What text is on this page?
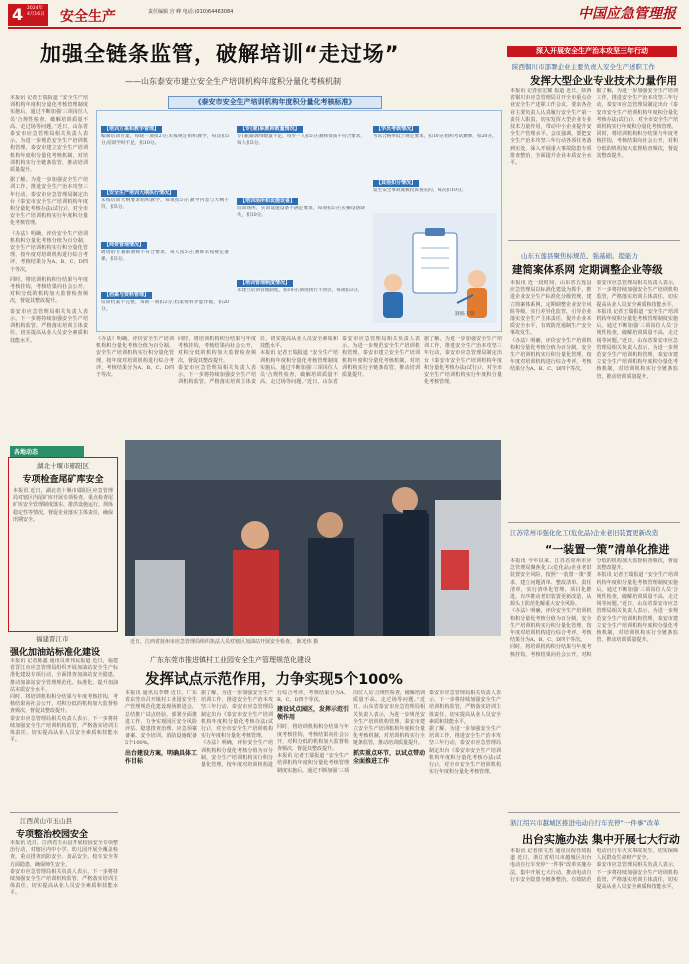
4	安全生产	责任编辑 宫 峰 电话:(010)64463084	中国应急管理报
2024年
4月16日
加强全链条监管，破解培训“走过场”
——山东泰安市建立安全生产培训机构年度积分量化考核机制

本报讯 记者王瑞报道 “安全生产培训机构年度积分量化考核管理制度实施后，通过不断加强‘三项岗位人员’合规性检查，破解培训质量不高、走过场等问题。”近日，山东省泰安市应急管理局相关负责人表示，为进一步规范安全生产培训机构管理，泰安市建立安全生产培训机构年度积分量化考核机制，对培训机构实行全链条监管，推动培训质量提升。

据了解，为进一步加强安全生产培训工作，推进安全生产治本攻坚三年行动，泰安市应急管理局制定出台《泰安市安全生产培训机构年度积分量化考核办法(试行)》，对全市安全生产培训机构实行年度积分量化考核管理。

《办法》明确，评价安全生产培训机构积分量化考核分值为百分制，安全生产培训机构实行积分量化管理，按年度对培训机构进行综合考评，考核结果分为A、B、C、D四个等次。

同时，将培训机构积分结果与年度考核挂钩，考核结果向社会公开，对积分低的机构加大监督检查频次，督促其整改提升。

泰安市应急管理局相关负责人表示，下一步将持续加强安全生产培训机构监管，严格落实培训主体责任，切实提高从业人员安全素质和技能水平。

《泰安市安全生产培训机构年度积分量化考核标准》
【培训方案和教学管理】
编制培训方案，每缺一项扣2分;未按规定组织教学，每次扣5分;培训学时不足，扣10分。
【安全生产培训大纲执行情况】
未按培训大纲要求组织教学，每项扣5分;教学内容与大纲不符，扣5分。
【师资管理情况】
聘请的专兼职教师不符合要求，每人扣5分;教师未按规定备课，扣3分。
【档案与资料管理】
培训档案不完整，每缺一项扣2分;档案资料弄虚作假，扣20分。
【专(兼)职教师数量情况】
专(兼)职教师数量不足，每少一人扣5分;教师资质不符合要求，每人扣3分。
【培训场所和设施设备】
培训场所、实训设施设备不满足要求，每项扣5分;实操设备缺失，扣10分。
【培训管理制度情况】
未建立培训管理制度，扣10分;制度执行不到位，每项扣3分。
【学员考核情况】
考试合格率低于规定要求，扣10分;组织考试舞弊，扣20分。
【其他扣分情况】
发生安全事故或被投诉查实的，每次扣10分。
制图:王瑞

《办法》明确，评价安全生产培训机构积分量化考核分值为百分制，安全生产培训机构实行积分量化管理，按年度对培训机构进行综合考评，考核结果分为A、B、C、D四个等次。

同时，将培训机构积分结果与年度考核挂钩，考核结果向社会公开，对积分低的机构加大监督检查频次，督促其整改提升。

泰安市应急管理局相关负责人表示，下一步将持续加强安全生产培训机构监管，严格落实培训主体责任，切实提高从业人员安全素质和技能水平。

本报讯 记者王瑞报道 “安全生产培训机构年度积分量化考核管理制度实施后，通过不断加强‘三项岗位人员’合规性检查，破解培训质量不高、走过场等问题。”近日，山东省泰安市应急管理局相关负责人表示，为进一步规范安全生产培训机构管理，泰安市建立安全生产培训机构年度积分量化考核机制，对培训机构实行全链条监管，推动培训质量提升。

据了解，为进一步加强安全生产培训工作，推进安全生产治本攻坚三年行动，泰安市应急管理局制定出台《泰安市安全生产培训机构年度积分量化考核办法(试行)》，对全市安全生产培训机构实行年度积分量化考核管理。

深入开展安全生产治本攻坚三年行动
陕西铜川市部署企业主要负责人安全生产述职工作
发挥大型企业专业技术力量作用

本报讯 记者张宏耀 报道 近日，陕西省铜川市应急管理局召开全市重点企业安全生产述职工作会议，要求各企业主要负责人认真履行安全生产第一责任人职责，切实发挥大型企业专业技术力量作用，带动中小企业提升安全生产管理水平。会议强调，要把安全生产治本攻坚三年行动各项任务落到实处，深入开展重大事故隐患专项排查整治，全面提升企业本质安全水平。

据了解，为进一步加强安全生产培训工作，推进安全生产治本攻坚三年行动，泰安市应急管理局制定出台《泰安市安全生产培训机构年度积分量化考核办法(试行)》，对全市安全生产培训机构实行年度积分量化考核管理。

同时，将培训机构积分结果与年度考核挂钩，考核结果向社会公开，对积分低的机构加大监督检查频次，督促其整改提升。

山东五莲县聚焦标规范、强基础、提能力
建简案体系网 定期调整企业等级

本报讯 近一段时间，山东省五莲县应急管理局以标准化建设为抓手，推进企业安全生产标准化分级管理，建立简案体系网，定期调整企业安全风险等级，实行差异化监管，引导企业落实安全生产主体责任，提升企业本质安全水平，有效防范遏制生产安全事故发生。

《办法》明确，评价安全生产培训机构积分量化考核分值为百分制，安全生产培训机构实行积分量化管理，按年度对培训机构进行综合考评，考核结果分为A、B、C、D四个等次。

泰安市应急管理局相关负责人表示，下一步将持续加强安全生产培训机构监管，严格落实培训主体责任，切实提高从业人员安全素质和技能水平。

本报讯 记者王瑞报道 “安全生产培训机构年度积分量化考核管理制度实施后，通过不断加强‘三项岗位人员’合规性检查，破解培训质量不高、走过场等问题。”近日，山东省泰安市应急管理局相关负责人表示，为进一步规范安全生产培训机构管理，泰安市建立安全生产培训机构年度积分量化考核机制，对培训机构实行全链条监管，推动培训质量提升。

各地动态
湖北十堰市郧阳区
专项检查尾矿库安全
本报讯 近日，湖北省十堰市郧阳区应急管理局对辖区内尾矿库开展专项检查，重点检查尾矿库安全管理制度落实、排洪设施运行、坝体稳定性等情况，督促企业落实主体责任，确保汛期安全。
福建晋江市
强化加油站标准化建设

本报讯 记者陈鑫 通讯员黄伟民报道 近日，福建省晋江市应急管理局组织开展加油站安全生产标准化建设专项行动，全面排查加油站安全隐患，推动加油站安全管理规范化、标准化，提升加油站本质安全水平。

同时，将培训机构积分结果与年度考核挂钩，考核结果向社会公开，对积分低的机构加大监督检查频次，督促其整改提升。

泰安市应急管理局相关负责人表示，下一步将持续加强安全生产培训机构监管，严格落实培训主体责任，切实提高从业人员安全素质和技能水平。

江西黄山市玉山县
专项整治校园安全

本报讯 近日，江西省玉山县开展校园安全专项整治行动，对辖区内中小学、幼儿园开展全覆盖检查，重点排查消防安全、食品安全、校车安全等方面隐患，确保师生安全。

泰安市应急管理局相关负责人表示，下一步将持续加强安全生产培训机构监管，严格落实培训主体责任，切实提高从业人员安全素质和技能水平。

近日，江西省抚州市应急管理局组织执法人员对辖区加油站开展安全检查。 陈光伟 摄
广东东莞市推进镇村工业园安全生产管理规范化建设
发挥试点示范作用，力争实现5个100%

本报讯 通讯员李晓 近日，广东省东莞市召开镇村工业园安全生产管理规范化建设现场推进会，总结推广试点经验，部署全面推进工作，力争实现园区安全风险评估、隐患排查治理、应急预案备案、安全培训、消防设施配备5个100%。

出台建设方案，明确具体工作目标

据了解，为进一步加强安全生产培训工作，推进安全生产治本攻坚三年行动，泰安市应急管理局制定出台《泰安市安全生产培训机构年度积分量化考核办法(试行)》，对全市安全生产培训机构实行年度积分量化考核管理。

《办法》明确，评价安全生产培训机构积分量化考核分值为百分制，安全生产培训机构实行积分量化管理，按年度对培训机构进行综合考评，考核结果分为A、B、C、D四个等次。

建设试点园区，发挥示范引领作用

同时，将培训机构积分结果与年度考核挂钩，考核结果向社会公开，对积分低的机构加大监督检查频次，督促其整改提升。

本报讯 记者王瑞报道 “安全生产培训机构年度积分量化考核管理制度实施后，通过不断加强‘三项岗位人员’合规性检查，破解培训质量不高、走过场等问题。”近日，山东省泰安市应急管理局相关负责人表示，为进一步规范安全生产培训机构管理，泰安市建立安全生产培训机构年度积分量化考核机制，对培训机构实行全链条监管，推动培训质量提升。

抓实重点环节，以试点带动全面推进工作

泰安市应急管理局相关负责人表示，下一步将持续加强安全生产培训机构监管，严格落实培训主体责任，切实提高从业人员安全素质和技能水平。

据了解，为进一步加强安全生产培训工作，推进安全生产治本攻坚三年行动，泰安市应急管理局制定出台《泰安市安全生产培训机构年度积分量化考核办法(试行)》，对全市安全生产培训机构实行年度积分量化考核管理。

江苏常州市强化化工(危化品)企业老旧装置更新改造
“一装置一策”清单化推进

本报讯 今年以来，江苏省常州市应急管理局聚焦化工(危化品)企业老旧装置安全风险，按照“一装置一策”要求，建立问题清单、整改清单、责任清单，实行清单化管理、项目化推进，有序推动老旧装置更新改造，从源头上防范化解重大安全风险。

《办法》明确，评价安全生产培训机构积分量化考核分值为百分制，安全生产培训机构实行积分量化管理，按年度对培训机构进行综合考评，考核结果分为A、B、C、D四个等次。

同时，将培训机构积分结果与年度考核挂钩，考核结果向社会公开，对积分低的机构加大监督检查频次，督促其整改提升。

本报讯 记者王瑞报道 “安全生产培训机构年度积分量化考核管理制度实施后，通过不断加强‘三项岗位人员’合规性检查，破解培训质量不高、走过场等问题。”近日，山东省泰安市应急管理局相关负责人表示，为进一步规范安全生产培训机构管理，泰安市建立安全生产培训机构年度积分量化考核机制，对培训机构实行全链条监管，推动培训质量提升。

浙江绍兴市越城区推进电动自行车充停“一件事”改革
出台实施办法 集中开展七大行动

本报讯 记者徐文杰 通讯员倪佳琦报道 近日，浙江省绍兴市越城区出台电动自行车充停“一件事”改革实施办法，集中开展七大行动，推动电动自行车安全隐患全链条整治，有效防范电动自行车火灾事故发生，切实保障人民群众生命财产安全。

泰安市应急管理局相关负责人表示，下一步将持续加强安全生产培训机构监管，严格落实培训主体责任，切实提高从业人员安全素质和技能水平。
